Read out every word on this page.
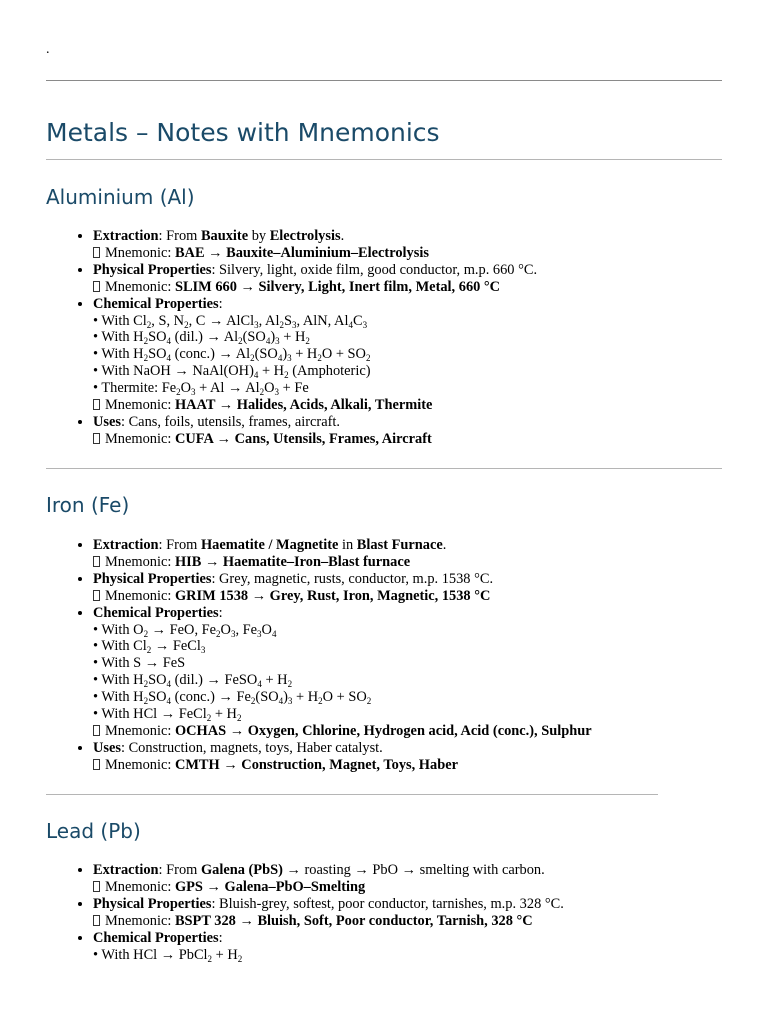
.
Metals – Notes with Mnemonics
Aluminium (Al)
• Extraction: From Bauxite by Electrolysis.
Mnemonic: BAE → Bauxite–Aluminium–Electrolysis
• Physical Properties: Silvery, light, oxide film, good conductor, m.p. 660 °C.
Mnemonic: SLIM 660 → Silvery, Light, Inert film, Metal, 660 °C
• Chemical Properties:
• With $Cl_2$, S, $N_2$, C → AlCl$_3$, $Al_2S_3$, AlN, $Al_4C_3$
• With $H_2SO_4$ $(dil.) \to Al_2(SO_4)_3 + H_2$
• With $H_2SO_4$ (conc.) → $Al_2(SO_4)_3 + H_2O + SO_2$
• With NaOH → $NaAl(OH)_4 + H_2$ (Amphoteric)
• Thermite: $Fe_2O_3 + Al \to Al_2O_3 + Fe$
Mnemonic: HAAT → Halides, Acids, Alkali, Thermite
• Uses: Cans, foils, utensils, frames, aircraft.
Mnemonic: CUFA → Cans, Utensils, Frames, Aircraft
Iron (Fe)
• Extraction: From Haematite / Magnetite in Blast Furnace.
Mnemonic: HIB → Haematite–Iron–Blast furnace
• Physical Properties: Grey, magnetic, rusts, conductor, m.p. 1538 °C.
Mnemonic: GRIM 1538 → Grey, Rust, Iron, Magnetic, 1538 °C
• Chemical Properties:
• With $O_2$ → FeO, $Fe_2O_3$, $Fe_3O_4$
• With $Cl_2$ → FeCl$_3$
• With S → FeS
• With $H_2SO_4$ (dil.) → FeSO$_4$ + $H_2$
• With $H_2SO_4$ (conc.) → $Fe_2(SO_4)_3 + H_2O + SO_2$
• With HCl → FeCl$_2$ + $H_2$
Mnemonic: OCHAS → Oxygen, Chlorine, Hydrogen acid, Acid (conc.), Sulphur
• Uses: Construction, magnets, toys, Haber catalyst.
Mnemonic: CMTH → Construction, Magnet, Toys, Haber
Lead (Pb)
• Extraction: From Galena (PbS) → roasting → PbO → smelting with carbon.
Mnemonic: GPS → Galena–PbO–Smelting
• Physical Properties: Bluish-grey, softest, poor conductor, tarnishes, m.p. 328 °C.
Mnemonic: BSPT 328 → Bluish, Soft, Poor conductor, Tarnish, 328 °C
• Chemical Properties:
• With HCl → PbCl$_2$ + $H_2$
